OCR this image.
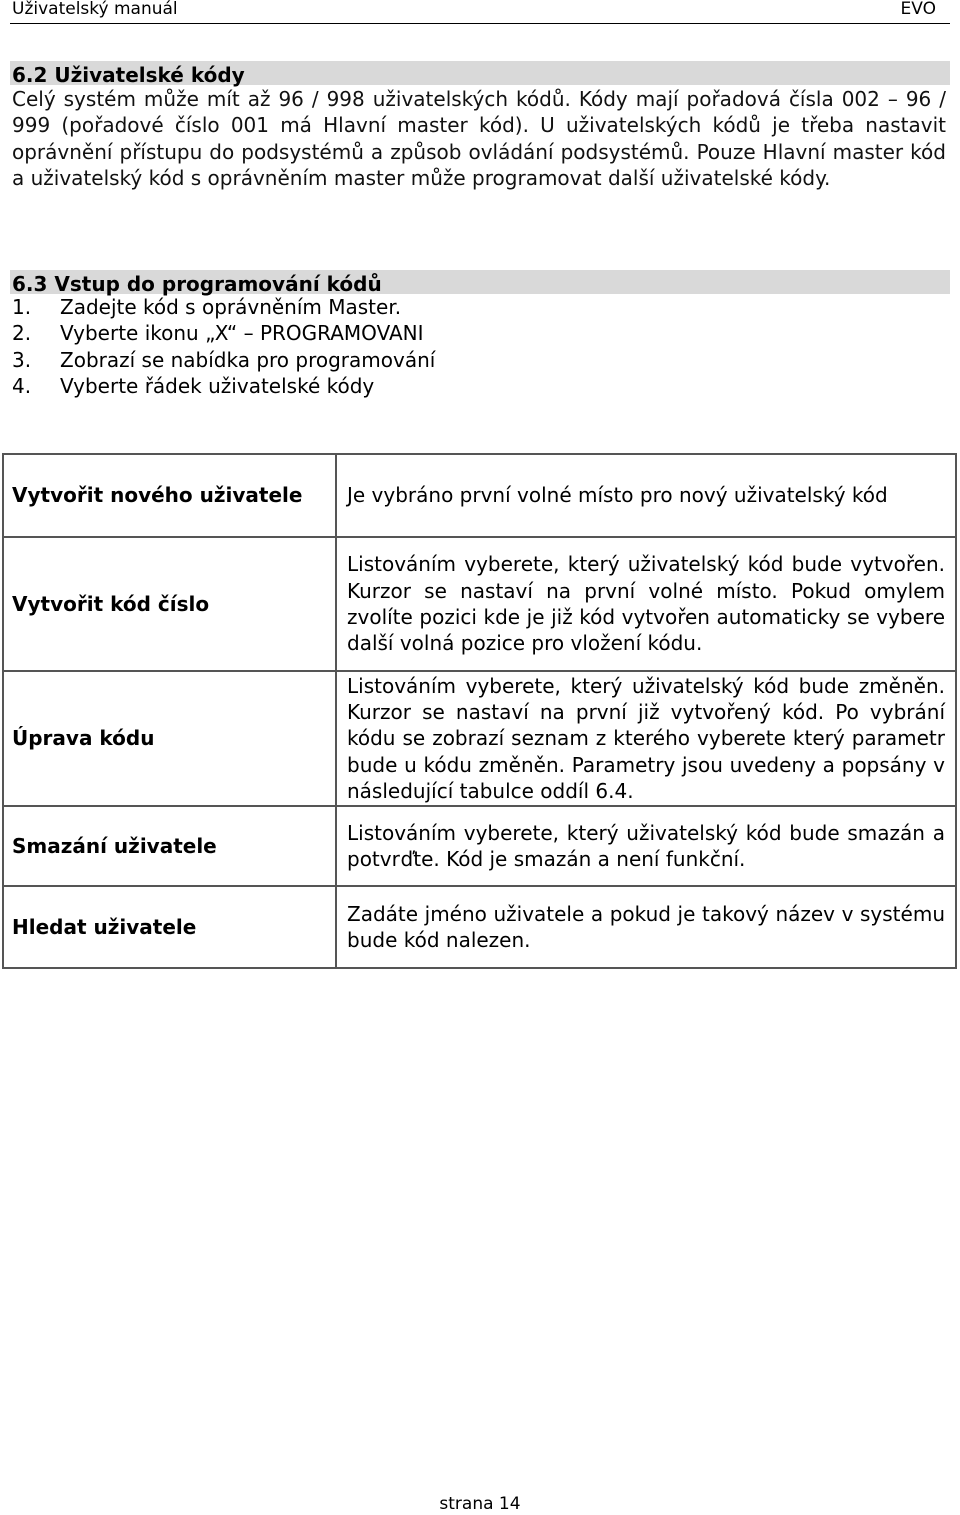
Uživatelský manuál	EVO
6.2 Uživatelské kódy
Celý systém může mít až 96 / 998 uživatelských kódů. Kódy mají pořadová čísla 002 – 96 / 999 (pořadové číslo 001 má Hlavní master kód). U uživatelských kódů je třeba nastavit oprávnění přístupu do podsystémů a způsob ovládání podsystémů. Pouze Hlavní master kód a uživatelský kód s oprávněním master může programovat další uživatelské kódy.
6.3 Vstup do programování kódů
1.	Zadejte kód s oprávněním Master.
2.	Vyberte ikonu „X“ – PROGRAMOVANI
3.	Zobrazí se nabídka pro programování
4.	Vyberte řádek uživatelské kódy
Vytvořit nového uživatele	Je vybráno první volné místo pro nový uživatelský kód
Vytvořit kód číslo	Listováním vyberete, který uživatelský kód bude vytvořen. Kurzor se nastaví na první volné místo. Pokud omylem zvolíte pozici kde je již kód vytvořen automaticky se vybere další volná pozice pro vložení kódu.
Úprava kódu	Listováním vyberete, který uživatelský kód bude změněn. Kurzor se nastaví na první již vytvořený kód. Po vybrání kódu se zobrazí seznam z kterého vyberete který parametr bude u kódu změněn. Parametry jsou uvedeny a popsány v následující tabulce oddíl 6.4.
Smazání uživatele	Listováním vyberete, který uživatelský kód bude smazán a potvrďte. Kód je smazán a není funkční.
Hledat uživatele	Zadáte jméno uživatele a pokud je takový název v systému bude kód nalezen.
strana 14
